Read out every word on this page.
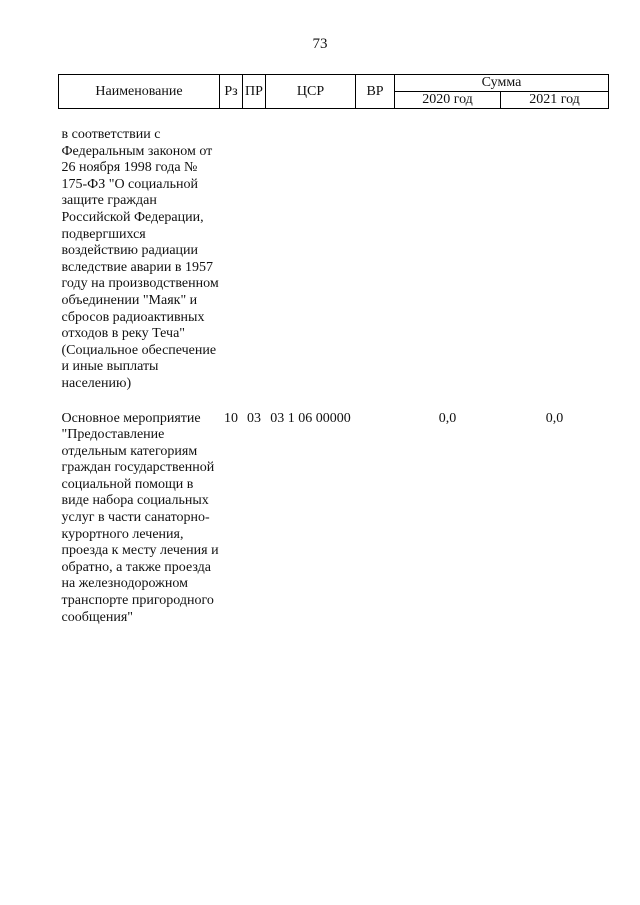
73
Наименование	Рз	ПР	ЦСР	ВР	Сумма	
					2020 год	2021 год

в соответствии с Федеральным законом от 26 ноября 1998 года № 175-ФЗ "О социальной защите граждан Российской Федерации, подвергшихся воздействию радиации вследствие аварии в 1957 году на производственном объединении "Маяк" и сбросов радиоактивных отходов в реку Теча" (Социальное обеспечение и иные выплаты населению)						

Основное мероприятие "Предоставление отдельным категориям граждан государственной социальной помощи в виде набора социальных услуг в части санаторно-курортного лечения, проезда к месту лечения и обратно, а также проезда на железнодорожном транспорте пригородного сообщения"	10	03	03 1 06 00000		0,0	0,0
